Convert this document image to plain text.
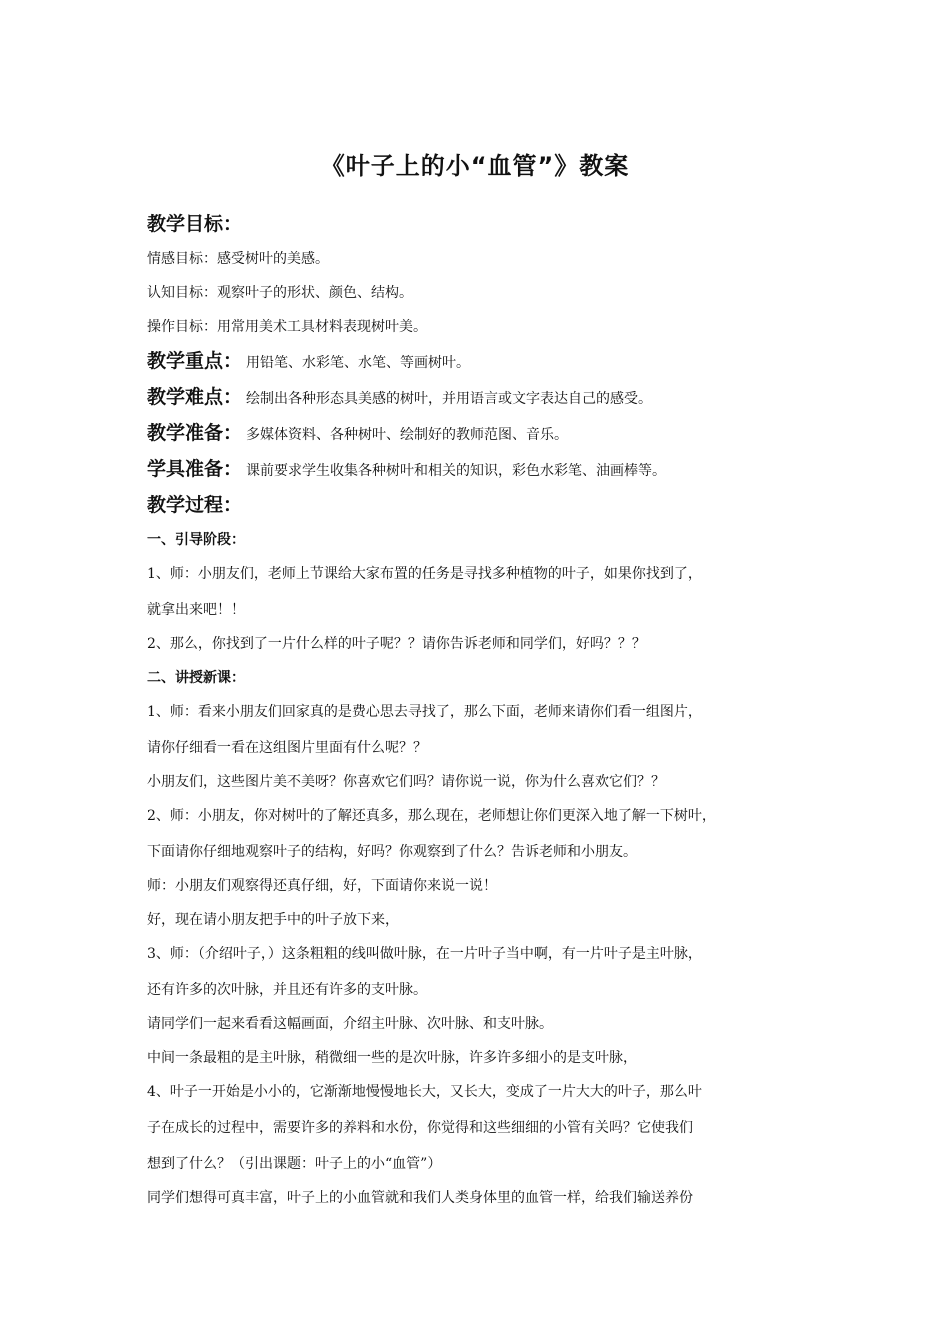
《叶子上的小“血管”》教案
教学目标：

情感目标：感受树叶的美感。

认知目标：观察叶子的形状、颜色、结构。

操作目标：用常用美术工具材料表现树叶美。

教学重点： 用铅笔、水彩笔、水笔、等画树叶。
教学难点： 绘制出各种形态具美感的树叶，并用语言或文字表达自己的感受。
教学准备： 多媒体资料、各种树叶、绘制好的教师范图、音乐。
学具准备： 课前要求学生收集各种树叶和相关的知识，彩色水彩笔、油画棒等。
教学过程：
一、引导阶段：

1、师：小朋友们，老师上节课给大家布置的任务是寻找多种植物的叶子，如果你找到了，

就拿出来吧！！

2、那么，你找到了一片什么样的叶子呢？？请你告诉老师和同学们，好吗？？？

二、讲授新课：

1、师：看来小朋友们回家真的是费心思去寻找了，那么下面，老师来请你们看一组图片，

请你仔细看一看在这组图片里面有什么呢？？

小朋友们，这些图片美不美呀？你喜欢它们吗？请你说一说，你为什么喜欢它们？？

2、师：小朋友，你对树叶的了解还真多，那么现在，老师想让你们更深入地了解一下树叶，

下面请你仔细地观察叶子的结构，好吗？你观察到了什么？告诉老师和小朋友。

师：小朋友们观察得还真仔细，好，下面请你来说一说！

好，现在请小朋友把手中的叶子放下来，

3、师：（介绍叶子，）这条粗粗的线叫做叶脉，在一片叶子当中啊，有一片叶子是主叶脉，

还有许多的次叶脉，并且还有许多的支叶脉。

请同学们一起来看看这幅画面，介绍主叶脉、次叶脉、和支叶脉。

中间一条最粗的是主叶脉，稍微细一些的是次叶脉，许多许多细小的是支叶脉，

4、叶子一开始是小小的，它渐渐地慢慢地长大，又长大，变成了一片大大的叶子，那么叶

子在成长的过程中，需要许多的养料和水份，你觉得和这些细细的小管有关吗？它使我们

想到了什么？（引出课题：叶子上的小“血管”）

同学们想得可真丰富，叶子上的小血管就和我们人类身体里的血管一样，给我们输送养份
